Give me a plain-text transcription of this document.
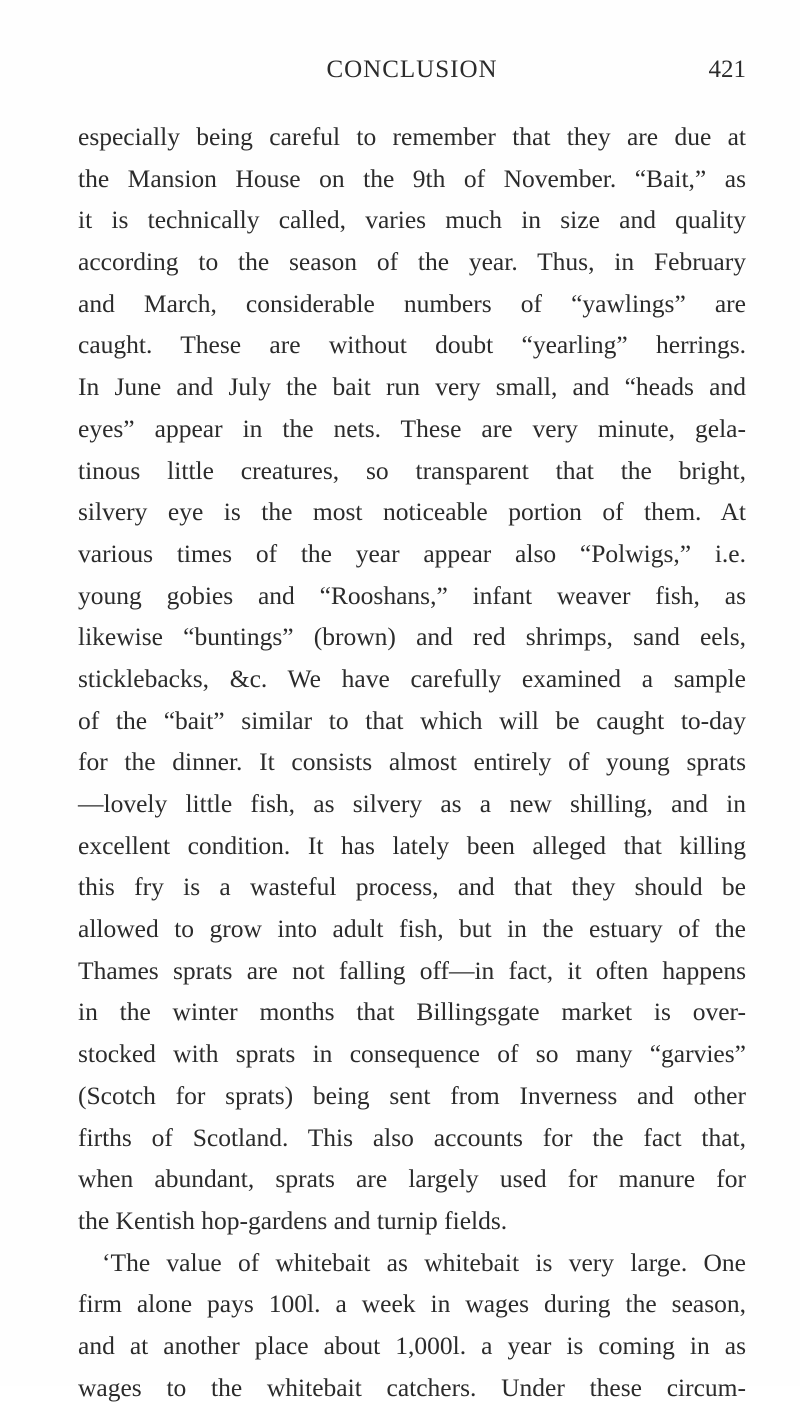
CONCLUSION	421
especially being careful to remember that they are due at
the Mansion House on the 9th of November. “Bait,” as
it is technically called, varies much in size and quality
according to the season of the year. Thus, in February
and March, considerable numbers of “yawlings” are
caught. These are without doubt “yearling” herrings.
In June and July the bait run very small, and “heads and
eyes” appear in the nets. These are very minute, gela-
tinous little creatures, so transparent that the bright,
silvery eye is the most noticeable portion of them. At
various times of the year appear also “Polwigs,” i.e.
young gobies and “Rooshans,” infant weaver fish, as
likewise “buntings” (brown) and red shrimps, sand eels,
sticklebacks, &c. We have carefully examined a sample
of the “bait” similar to that which will be caught to-day
for the dinner. It consists almost entirely of young sprats
—lovely little fish, as silvery as a new shilling, and in
excellent condition. It has lately been alleged that killing
this fry is a wasteful process, and that they should be
allowed to grow into adult fish, but in the estuary of the
Thames sprats are not falling off—in fact, it often happens
in the winter months that Billingsgate market is over-
stocked with sprats in consequence of so many “garvies”
(Scotch for sprats) being sent from Inverness and other
firths of Scotland. This also accounts for the fact that,
when abundant, sprats are largely used for manure for
the Kentish hop-gardens and turnip fields.
‘The value of whitebait as whitebait is very large. One
firm alone pays 100l. a week in wages during the season,
and at another place about 1,000l. a year is coming in as
wages to the whitebait catchers. Under these circum-
